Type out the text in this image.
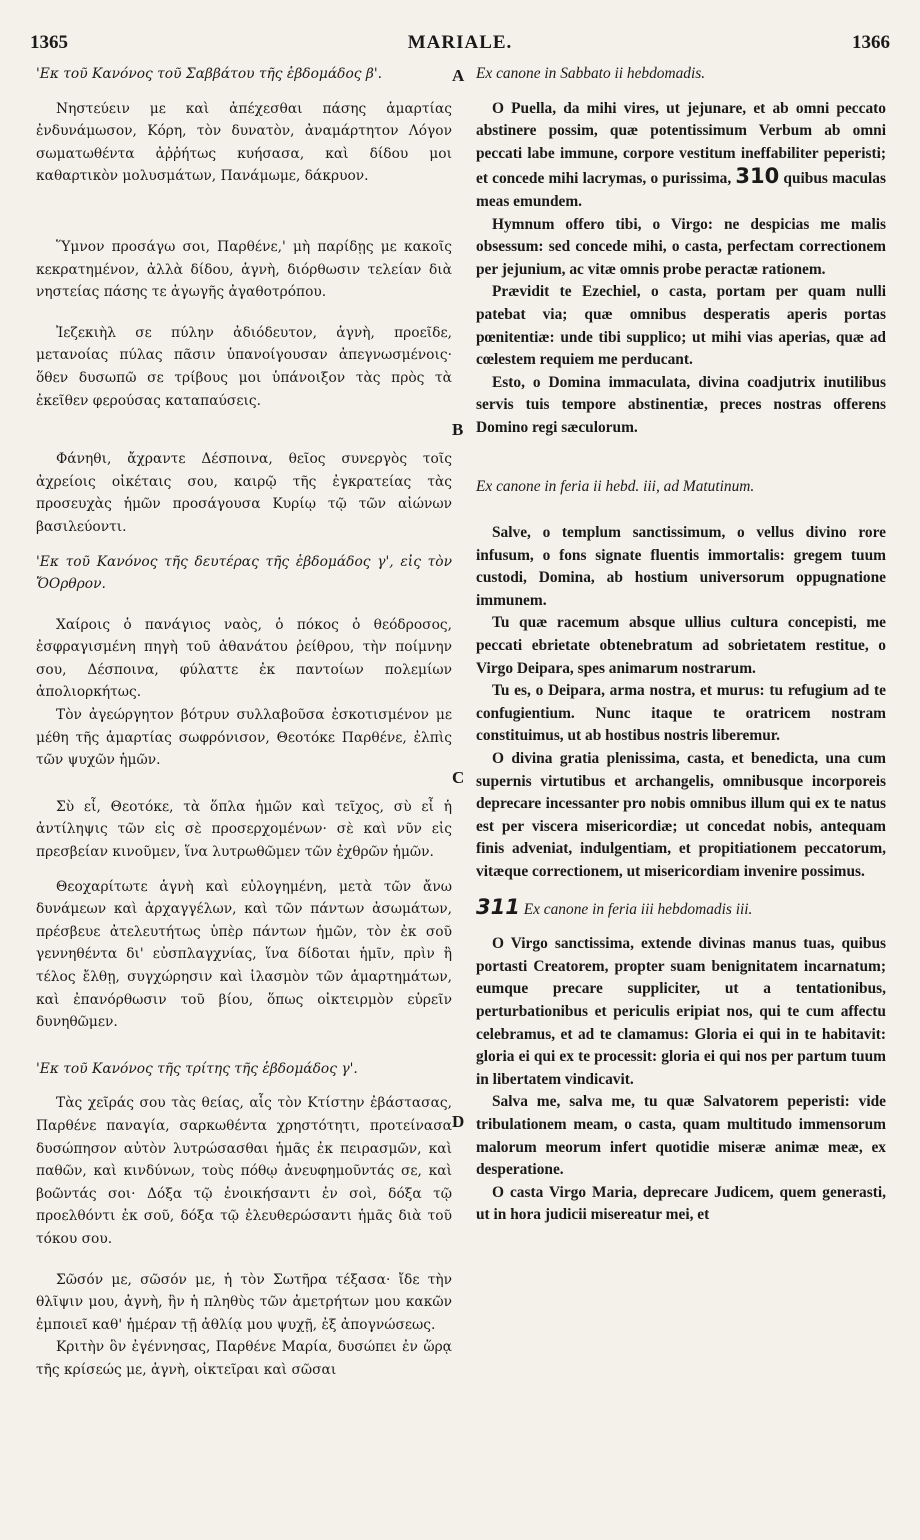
1365	MARIALE.	1366
A
B
C
D

'Εκ τοῦ Κανόνος τοῦ Σαββάτου τῆς ἑβδομάδος β'.

Νηστεύειν με καὶ ἀπέχεσθαι πάσης ἁμαρτίας ἐνδυνάμωσον, Κόρη, τὸν δυνατὸν, ἀναμάρτητον Λόγον σωματωθέντα ἀῤῥήτως κυήσασα, καὶ δίδου μοι καθαρτικὸν μολυσμάτων, Πανάμωμε, δάκρυον.

Ὕμνον προσάγω σοι, Παρθένε,' μὴ παρίδῃς με κακοῖς κεκρατημένον, ἀλλὰ δίδου, ἁγνὴ, διόρθωσιν τελείαν διὰ νηστείας πάσης τε ἀγωγῆς ἀγαθοτρόπου.

Ἰεζεκιὴλ σε πύλην ἀδιόδευτον, ἁγνὴ, προεῖδε, μετανοίας πύλας πᾶσιν ὑπανοίγουσαν ἀπεγνωσμένοις· ὅθεν δυσωπῶ σε τρίβους μοι ὑπάνοιξον τὰς πρὸς τὰ ἐκεῖθεν φερούσας καταπαύσεις.

Φάνηθι, ἄχραντε Δέσποινα, θεῖος συνεργὸς τοῖς ἀχρείοις οἰκέταις σου, καιρῷ τῆς ἐγκρατείας τὰς προσευχὰς ἡμῶν προσάγουσα Κυρίῳ τῷ τῶν αἰώνων βασιλεύοντι.

'Εκ τοῦ Κανόνος τῆς δευτέρας τῆς ἑβδομάδος γ', εἰς τὸν ὌΟρθρον.

Χαίροις ὁ πανάγιος ναὸς, ὁ πόκος ὁ θεόδροσος, ἐσφραγισμένη πηγὴ τοῦ ἀθανάτου ῥείθρου, τὴν ποίμνην σου, Δέσποινα, φύλαττε ἐκ παντοίων πολεμίων ἀπολιορκήτως.

Τὸν ἀγεώργητον βότρυν συλλαβοῦσα ἐσκοτισμένον με μέθη τῆς ἁμαρτίας σωφρόνισον, Θεοτόκε Παρθένε, ἐλπὶς τῶν ψυχῶν ἡμῶν.

Σὺ εἶ, Θεοτόκε, τὰ ὅπλα ἡμῶν καὶ τεῖχος, σὺ εἶ ἡ ἀντίληψις τῶν εἰς σὲ προσερχομένων· σὲ καὶ νῦν εἰς πρεσβείαν κινοῦμεν, ἵνα λυτρωθῶμεν τῶν ἐχθρῶν ἡμῶν.

Θεοχαρίτωτε ἁγνὴ καὶ εὐλογημένη, μετὰ τῶν ἄνω δυνάμεων καὶ ἀρχαγγέλων, καὶ τῶν πάντων ἀσωμάτων, πρέσβευε ἀτελευτήτως ὑπὲρ πάντων ἡμῶν, τὸν ἐκ σοῦ γεννηθέντα δι' εὐσπλαγχνίας, ἵνα δίδοται ἡμῖν, πρὶν ἢ τέλος ἔλθῃ, συγχώρησιν καὶ ἱλασμὸν τῶν ἁμαρτημάτων, καὶ ἐπανόρθωσιν τοῦ βίου, ὅπως οἰκτειρμὸν εὑρεῖν δυνηθῶμεν.

'Εκ τοῦ Κανόνος τῆς τρίτης τῆς ἑβδομάδος γ'.

Τὰς χεῖράς σου τὰς θείας, αἷς τὸν Κτίστην ἐβάστασας, Παρθένε παναγία, σαρκωθέντα χρηστότητι, προτείνασα δυσώπησον αὐτὸν λυτρώσασθαι ἡμᾶς ἐκ πειρασμῶν, καὶ παθῶν, καὶ κινδύνων, τοὺς πόθῳ ἀνευφημοῦντάς σε, καὶ βοῶντάς σοι· Δόξα τῷ ἐνοικήσαντι ἐν σοὶ, δόξα τῷ προελθόντι ἐκ σοῦ, δόξα τῷ ἐλευθερώσαντι ἡμᾶς διὰ τοῦ τόκου σου.

Σῶσόν με, σῶσόν με, ἡ τὸν Σωτῆρα τέξασα· ἴδε τὴν θλῖψιν μου, ἁγνὴ, ἣν ἡ πληθὺς τῶν ἀμετρήτων μου κακῶν ἐμποιεῖ καθ' ἡμέραν τῇ ἀθλίᾳ μου ψυχῇ, ἐξ ἀπογνώσεως.

Κριτὴν ὃν ἐγέννησας, Παρθένε Μαρία, δυσώπει ἐν ὥρᾳ τῆς κρίσεώς με, ἁγνὴ, οἰκτεῖραι καὶ σῶσαι

Ex canone in Sabbato ii hebdomadis.

O Puella, da mihi vires, ut jejunare, et ab omni peccato abstinere possim, quæ potentissimum Verbum ab omni peccati labe immune, corpore vestitum ineffabiliter peperisti; et concede mihi lacrymas, o purissima, 310 quibus maculas meas emundem.

Hymnum offero tibi, o Virgo: ne despicias me malis obsessum: sed concede mihi, o casta, perfectam correctionem per jejunium, ac vitæ omnis probe peractæ rationem.

Prævidit te Ezechiel, o casta, portam per quam nulli patebat via; quæ omnibus desperatis aperis portas pœnitentiæ: unde tibi supplico; ut mihi vias aperias, quæ ad cœlestem requiem me perducant.

Esto, o Domina immaculata, divina coadjutrix inutilibus servis tuis tempore abstinentiæ, preces nostras offerens Domino regi sæculorum.

Ex canone in feria ii hebd. iii, ad Matutinum.

Salve, o templum sanctissimum, o vellus divino rore infusum, o fons signate fluentis immortalis: gregem tuum custodi, Domina, ab hostium universorum oppugnatione immunem.

Tu quæ racemum absque ullius cultura concepisti, me peccati ebrietate obtenebratum ad sobrietatem restitue, o Virgo Deipara, spes animarum nostrarum.

Tu es, o Deipara, arma nostra, et murus: tu refugium ad te confugientium. Nunc itaque te oratricem nostram constituimus, ut ab hostibus nostris liberemur.

O divina gratia plenissima, casta, et benedicta, una cum supernis virtutibus et archangelis, omnibusque incorporeis deprecare incessanter pro nobis omnibus illum qui ex te natus est per viscera misericordiæ; ut concedat nobis, antequam finis adveniat, indulgentiam, et propitiationem peccatorum, vitæque correctionem, ut misericordiam invenire possimus.

311 Ex canone in feria iii hebdomadis iii.

O Virgo sanctissima, extende divinas manus tuas, quibus portasti Creatorem, propter suam benignitatem incarnatum; eumque precare suppliciter, ut a tentationibus, perturbationibus et periculis eripiat nos, qui te cum affectu celebramus, et ad te clamamus: Gloria ei qui in te habitavit: gloria ei qui ex te processit: gloria ei qui nos per partum tuum in libertatem vindicavit.

Salva me, salva me, tu quæ Salvatorem peperisti: vide tribulationem meam, o casta, quam multitudo immensorum malorum meorum infert quotidie miseræ animæ meæ, ex desperatione.

O casta Virgo Maria, deprecare Judicem, quem generasti, ut in hora judicii misereatur mei, et
